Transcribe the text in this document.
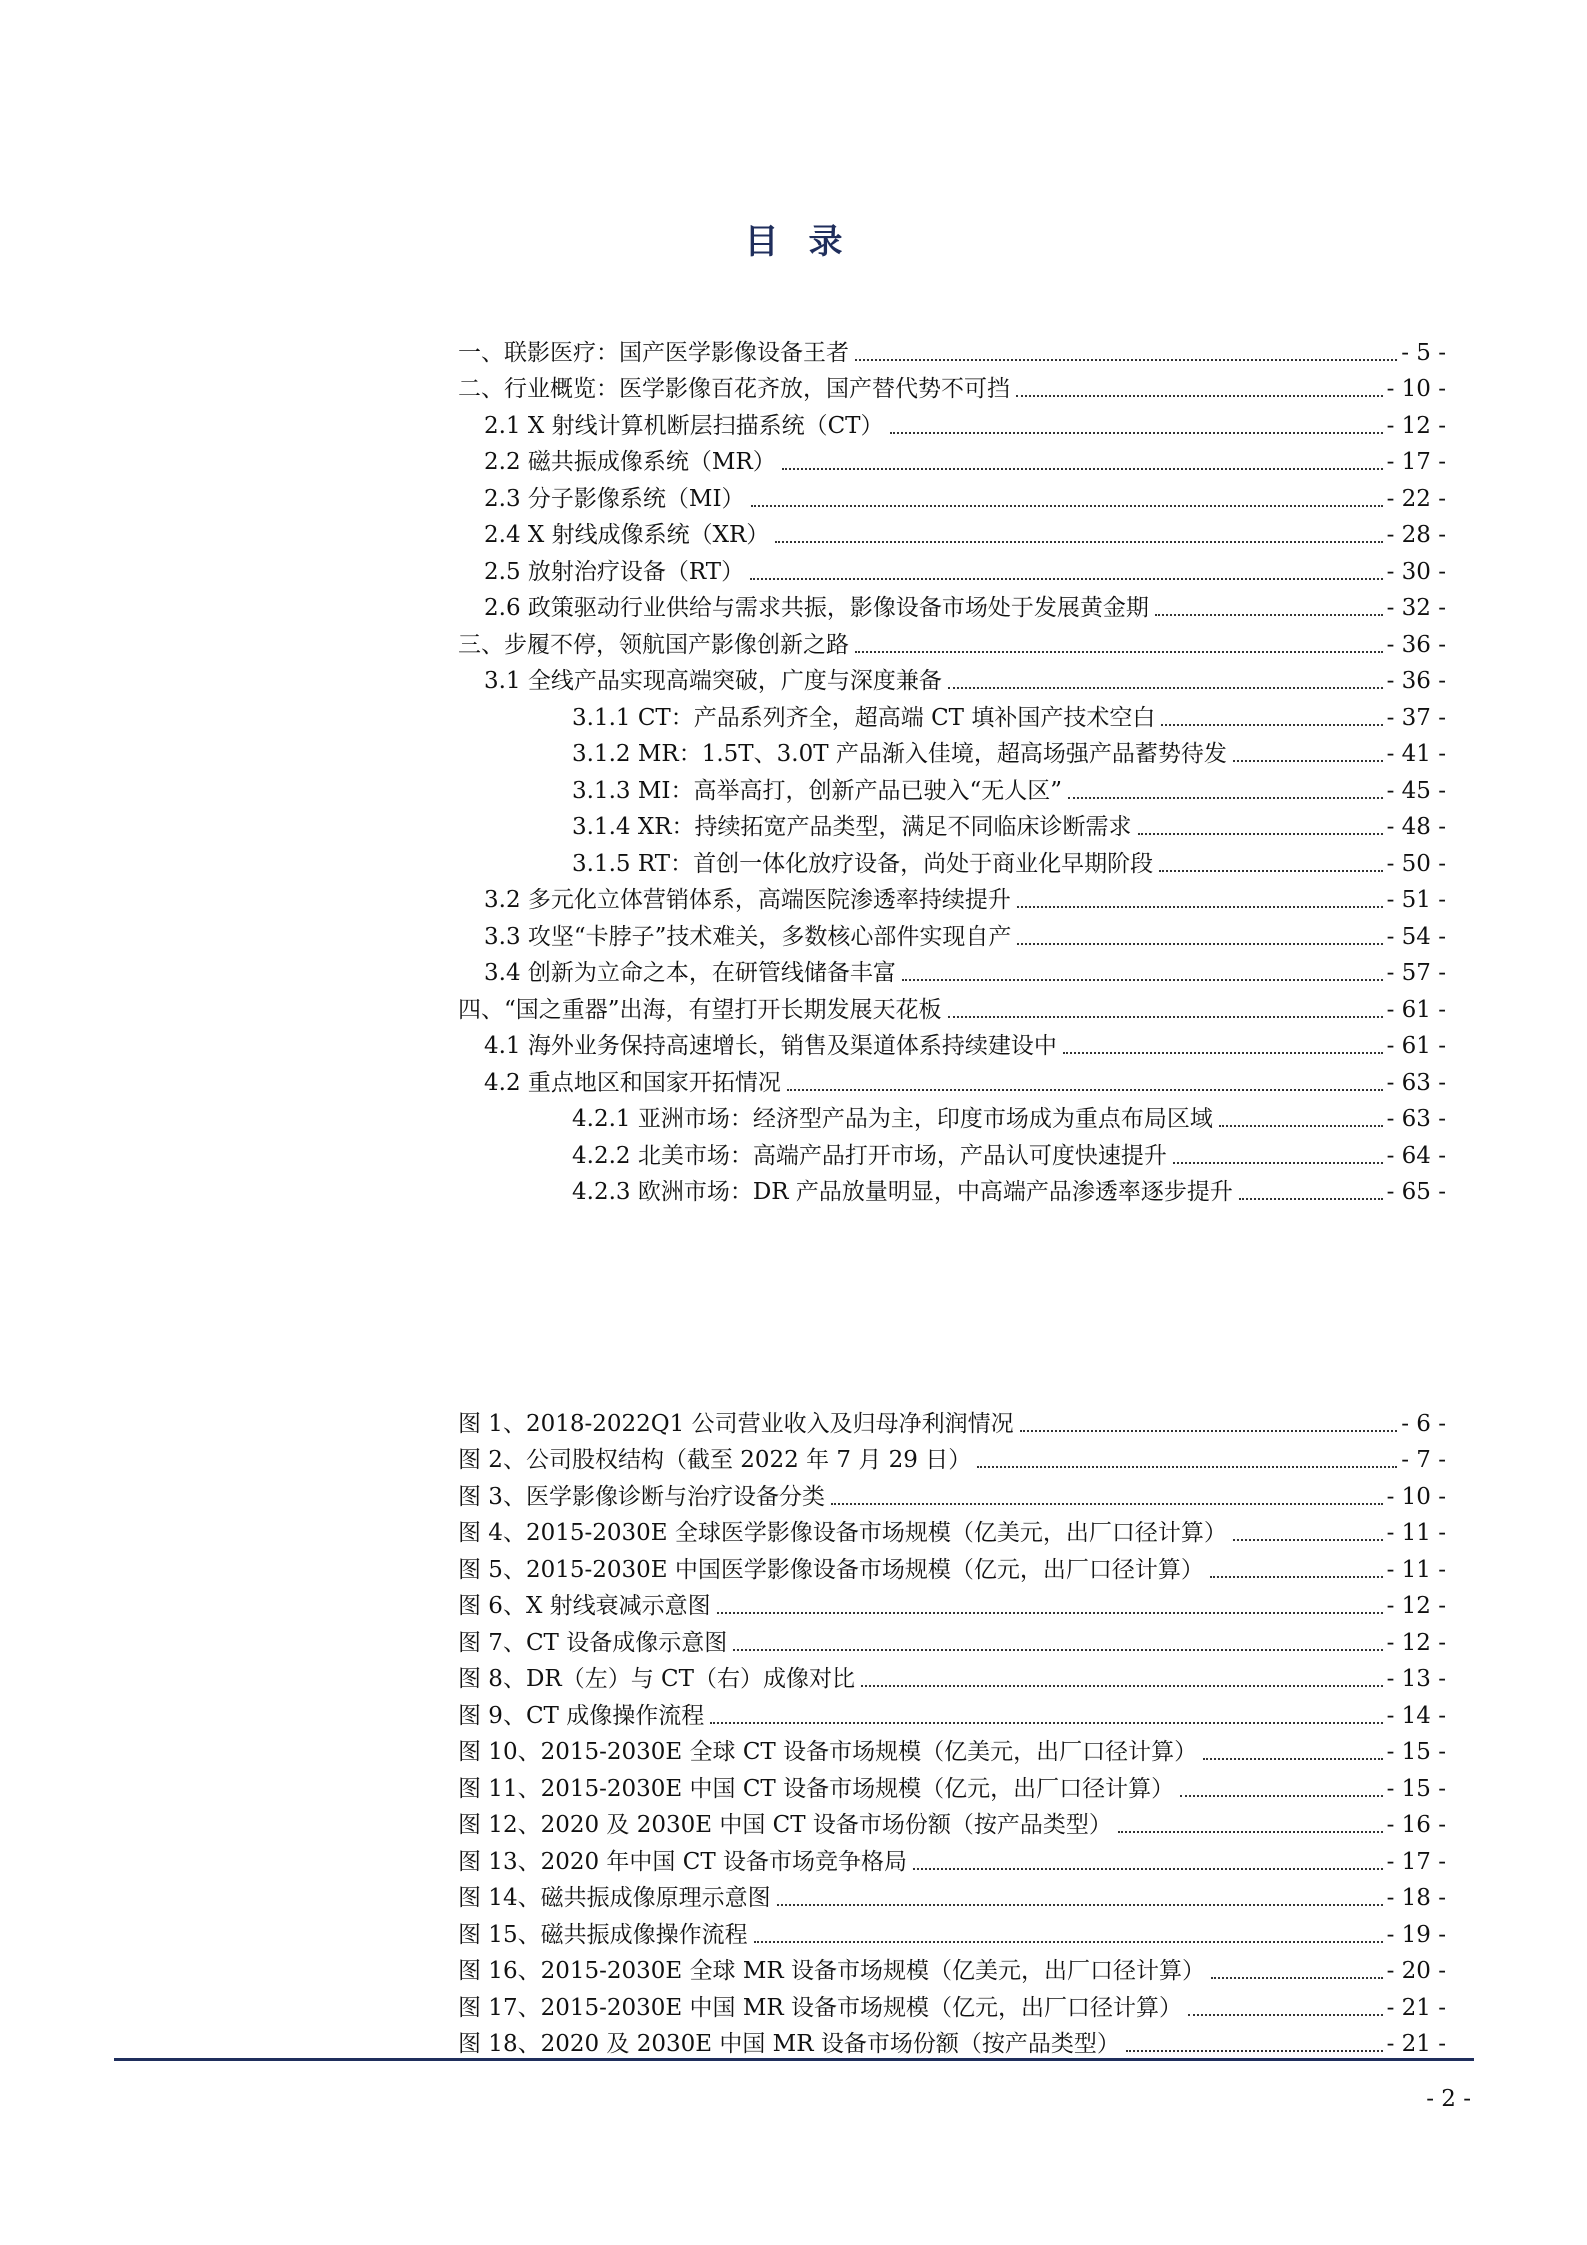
目录
一、联影医疗：国产医学影像设备王者	- 5 -
二、行业概览：医学影像百花齐放，国产替代势不可挡	- 10 -
2.1 X 射线计算机断层扫描系统（CT）	- 12 -
2.2 磁共振成像系统（MR）	- 17 -
2.3 分子影像系统（MI）	- 22 -
2.4 X 射线成像系统（XR）	- 28 -
2.5 放射治疗设备（RT）	- 30 -
2.6 政策驱动行业供给与需求共振，影像设备市场处于发展黄金期	- 32 -
三、步履不停，领航国产影像创新之路	- 36 -
3.1 全线产品实现高端突破，广度与深度兼备	- 36 -
3.1.1 CT：产品系列齐全，超高端 CT 填补国产技术空白	- 37 -
3.1.2 MR：1.5T、3.0T 产品渐入佳境，超高场强产品蓄势待发	- 41 -
3.1.3 MI：高举高打，创新产品已驶入“无人区”	- 45 -
3.1.4 XR：持续拓宽产品类型，满足不同临床诊断需求	- 48 -
3.1.5 RT：首创一体化放疗设备，尚处于商业化早期阶段	- 50 -
3.2 多元化立体营销体系，高端医院渗透率持续提升	- 51 -
3.3 攻坚“卡脖子”技术难关，多数核心部件实现自产	- 54 -
3.4 创新为立命之本，在研管线储备丰富	- 57 -
四、“国之重器”出海，有望打开长期发展天花板	- 61 -
4.1 海外业务保持高速增长，销售及渠道体系持续建设中	- 61 -
4.2 重点地区和国家开拓情况	- 63 -
4.2.1 亚洲市场：经济型产品为主，印度市场成为重点布局区域	- 63 -
4.2.2 北美市场：高端产品打开市场，产品认可度快速提升	- 64 -
4.2.3 欧洲市场：DR 产品放量明显，中高端产品渗透率逐步提升	- 65 -
图 1、2018-2022Q1 公司营业收入及归母净利润情况	- 6 -
图 2、公司股权结构（截至 2022 年 7 月 29 日）	- 7 -
图 3、医学影像诊断与治疗设备分类	- 10 -
图 4、2015-2030E 全球医学影像设备市场规模（亿美元，出厂口径计算）	- 11 -
图 5、2015-2030E 中国医学影像设备市场规模（亿元，出厂口径计算）	- 11 -
图 6、X 射线衰减示意图	- 12 -
图 7、CT 设备成像示意图	- 12 -
图 8、DR（左）与 CT（右）成像对比	- 13 -
图 9、CT 成像操作流程	- 14 -
图 10、2015-2030E 全球 CT 设备市场规模（亿美元，出厂口径计算）	- 15 -
图 11、2015-2030E 中国 CT 设备市场规模（亿元，出厂口径计算）	- 15 -
图 12、2020 及 2030E 中国 CT 设备市场份额（按产品类型）	- 16 -
图 13、2020 年中国 CT 设备市场竞争格局	- 17 -
图 14、磁共振成像原理示意图	- 18 -
图 15、磁共振成像操作流程	- 19 -
图 16、2015-2030E 全球 MR 设备市场规模（亿美元，出厂口径计算）	- 20 -
图 17、2015-2030E 中国 MR 设备市场规模（亿元，出厂口径计算）	- 21 -
图 18、2020 及 2030E 中国 MR 设备市场份额（按产品类型）	- 21 -
- 2 -
